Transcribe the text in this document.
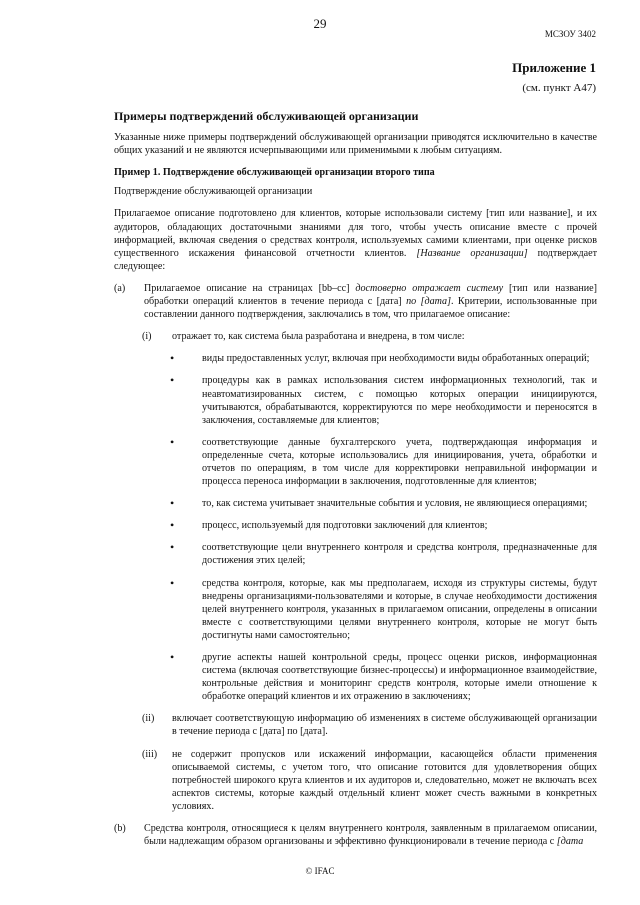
29
МСЗОУ 3402
Приложение 1
(см. пункт А47)

Примеры подтверждений обслуживающей организации

Указанные ниже примеры подтверждений обслуживающей организации приводятся исключительно в качестве общих указаний и не являются исчерпывающими или применимыми к любым ситуациям.

Пример 1. Подтверждение обслуживающей организации второго типа

Подтверждение обслуживающей организации

Прилагаемое описание подготовлено для клиентов, которые использовали систему [тип или название], и их аудиторов, обладающих достаточными знаниями для того, чтобы учесть описание вместе с прочей информацией, включая сведения о средствах контроля, используемых самими клиентами, при оценке рисков существенного искажения финансовой отчетности клиентов. [Название организации] подтверждает следующее:

(a) Прилагаемое описание на страницах [bb–cc] достоверно отражает систему [тип или название] обработки операций клиентов в течение периода с [дата] по [дата]. Критерии, использованные при составлении данного подтверждения, заключались в том, что прилагаемое описание:
(i) отражает то, как система была разработана и внедрена, в том числе:
•	виды предоставленных услуг, включая при необходимости виды обработанных операций;
•	процедуры как в рамках использования систем информационных технологий, так и неавтоматизированных систем, с помощью которых операции инициируются, учитываются, обрабатываются, корректируются по мере необходимости и переносятся в заключения, составляемые для клиентов;
•	соответствующие данные бухгалтерского учета, подтверждающая информация и определенные счета, которые использовались для инициирования, учета, обработки и отчетов по операциям, в том числе для корректировки неправильной информации и процесса переноса информации в заключения, подготовленные для клиентов;
•	то, как система учитывает значительные события и условия, не являющиеся операциями;
•	процесс, используемый для подготовки заключений для клиентов;
•	соответствующие цели внутреннего контроля и средства контроля, предназначенные для достижения этих целей;
•	средства контроля, которые, как мы предполагаем, исходя из структуры системы, будут внедрены организациями-пользователями и которые, в случае необходимости достижения целей внутреннего контроля, указанных в прилагаемом описании, определены в описании вместе с соответствующими целями внутреннего контроля, которые не могут быть достигнуты нами самостоятельно;
•	другие аспекты нашей контрольной среды, процесс оценки рисков, информационная система (включая соответствующие бизнес-процессы) и информационное взаимодействие, контрольные действия и мониторинг средств контроля, которые имели отношение к обработке операций клиентов и их отражению в заключениях;
(ii) включает соответствующую информацию об изменениях в системе обслуживающей организации в течение периода с [дата] по [дата].
(iii) не содержит пропусков или искажений информации, касающейся области применения описываемой системы, с учетом того, что описание готовится для удовлетворения общих потребностей широкого круга клиентов и их аудиторов и, следовательно, может не включать всех аспектов системы, которые каждый отдельный клиент может счесть важными в конкретных условиях.
(b) Средства контроля, относящиеся к целям внутреннего контроля, заявленным в прилагаемом описании, были надлежащим образом организованы и эффективно функционировали в течение периода с [дата
© IFAC
